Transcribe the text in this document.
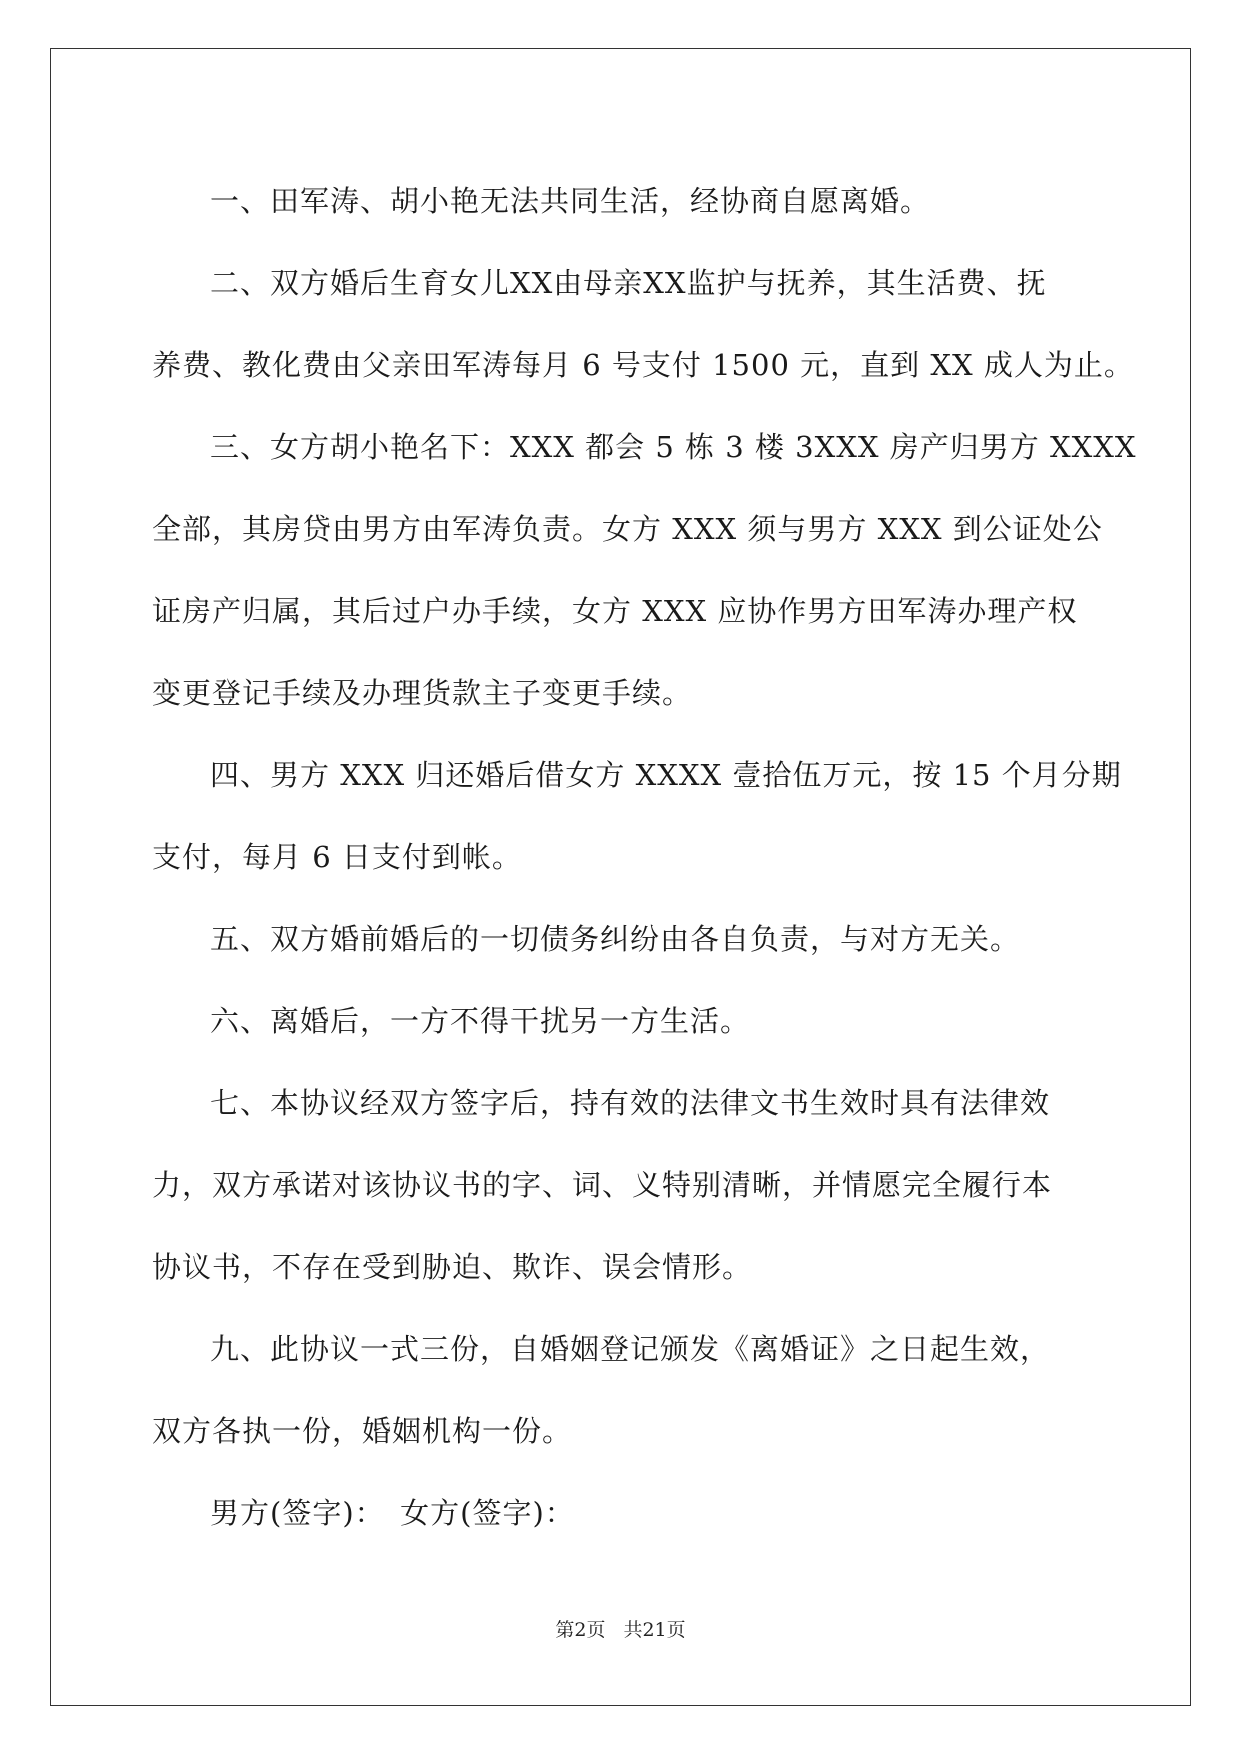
一、田军涛、胡小艳无法共同生活，经协商自愿离婚。
二、双方婚后生育女儿XX由母亲XX监护与抚养，其生活费、抚
养费、教化费由父亲田军涛每月 6 号支付 1500 元，直到 XX 成人为止。
三、女方胡小艳名下：XXX 都会 5 栋 3 楼 3XXX 房产归男方 XXXX
全部，其房贷由男方由军涛负责。女方 XXX 须与男方 XXX 到公证处公
证房产归属，其后过户办手续，女方 XXX 应协作男方田军涛办理产权
变更登记手续及办理货款主子变更手续。
四、男方 XXX 归还婚后借女方 XXXX 壹拾伍万元，按 15 个月分期
支付，每月 6 日支付到帐。
五、双方婚前婚后的一切债务纠纷由各自负责，与对方无关。
六、离婚后，一方不得干扰另一方生活。
七、本协议经双方签字后，持有效的法律文书生效时具有法律效
力，双方承诺对该协议书的字、词、义特别清晰，并情愿完全履行本
协议书，不存在受到胁迫、欺诈、误会情形。
九、此协议一式三份，自婚姻登记颁发《离婚证》之日起生效，
双方各执一份，婚姻机构一份。
男方(签字)：　女方(签字)：
第2页 共21页
